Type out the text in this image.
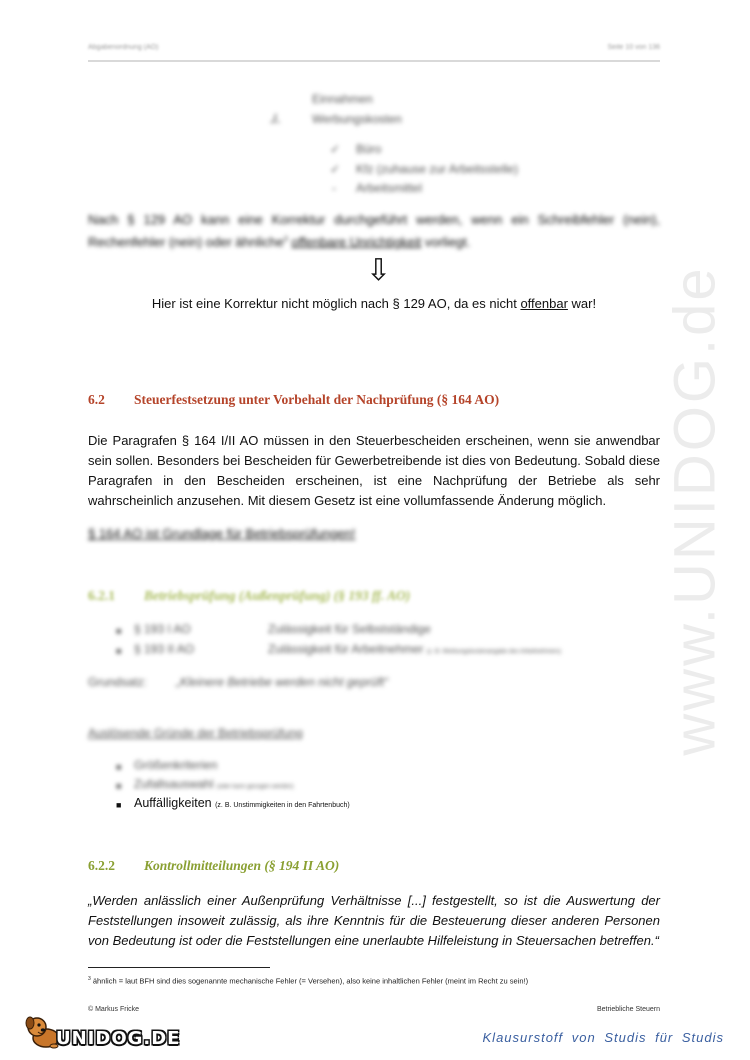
Abgabenordnung (AO)	Seite 10 von 136
www.UNIDOG.de
Einnahmen
./.	Werbungskosten
✓ Büro
✓ Kfz (zuhause zur Arbeitsstelle)
- Arbeitsmittel
Nach § 129 AO kann eine Korrektur durchgeführt werden, wenn ein Schreibfehler (nein), Rechenfehler (nein) oder ähnliche$^3$ offenbare Unrichtigkeit vorliegt.
⇩
Hier ist eine Korrektur nicht möglich nach § 129 AO, da es nicht offenbar war!
6.2 Steuerfestsetzung unter Vorbehalt der Nachprüfung (§ 164 AO)
Die Paragrafen § 164 I/II AO müssen in den Steuerbescheiden erscheinen, wenn sie anwendbar sein sollen. Besonders bei Bescheiden für Gewerbetreibende ist dies von Bedeutung. Sobald diese Paragrafen in den Bescheiden erscheinen, ist eine Nachprüfung der Betriebe als sehr wahrscheinlich anzusehen. Mit diesem Gesetz ist eine vollumfassende Änderung möglich.
§ 164 AO ist Grundlage für Betriebsprüfungen!
6.2.1 Betriebsprüfung (Außenprüfung) (§ 193 ff. AO)
■ § 193 I AO	Zulässigkeit für Selbstständige
■ § 193 II AO	Zulässigkeit für Arbeitnehmer (z. B. Werbungskostenangabe des Arbeitnehmers)
Grundsatz: „Kleinere Betriebe werden nicht geprüft“
Auslösende Gründe der Betriebsprüfung
■ Größenkriterien
■ Zufallsauswahl (oder kann gezogen werden)
■ Auffälligkeiten (z. B. Unstimmigkeiten in den Fahrtenbuch)
6.2.2 Kontrollmitteilungen (§ 194 II AO)
„Werden anlässlich einer Außenprüfung Verhältnisse [...] festgestellt, so ist die Auswertung der Feststellungen insoweit zulässig, als ihre Kenntnis für die Besteuerung dieser anderen Personen von Bedeutung ist oder die Feststellungen eine unerlaubte Hilfeleistung in Steuersachen betreffen.“
$^3$ ähnlich = laut BFH sind dies sogenannte mechanische Fehler (= Versehen), also keine inhaltlichen Fehler (meint im Recht zu sein!)
© Markus Fricke	Betriebliche Steuern
UNIDOG.DE	Klausurstoff von Studis für Studis
